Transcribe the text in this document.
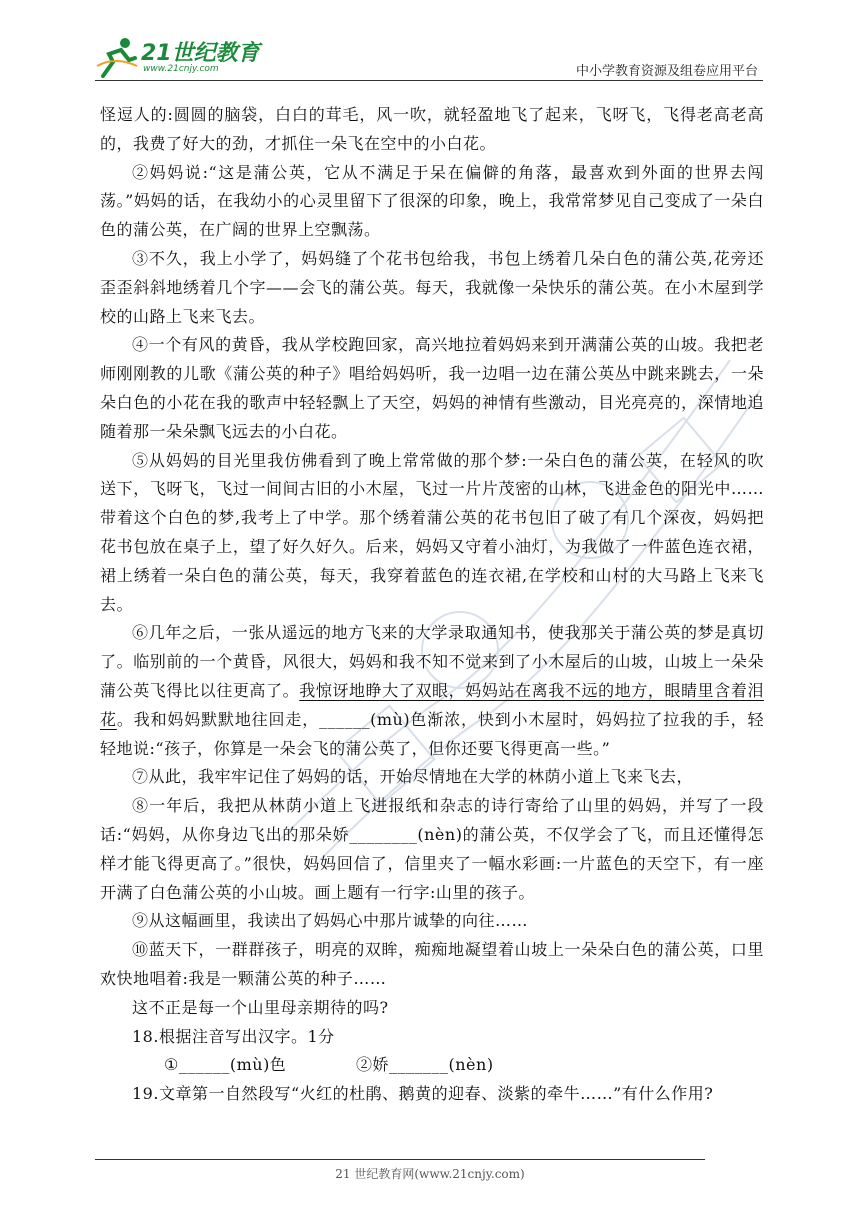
21世纪教育
www.21cnjy.com	中小学教育资源及组卷应用平台

怪逗人的:圆圆的脑袋，白白的茸毛，风一吹，就轻盈地飞了起来，飞呀飞，飞得老高老高的，我费了好大的劲，才抓住一朵飞在空中的小白花。

②妈妈说:“这是蒲公英，它从不满足于呆在偏僻的角落，最喜欢到外面的世界去闯荡。”妈妈的话，在我幼小的心灵里留下了很深的印象，晚上，我常常梦见自己变成了一朵白色的蒲公英，在广阔的世界上空飘荡。

③不久，我上小学了，妈妈缝了个花书包给我，书包上绣着几朵白色的蒲公英,花旁还歪歪斜斜地绣着几个字——会飞的蒲公英。每天，我就像一朵快乐的蒲公英。在小木屋到学校的山路上飞来飞去。

④一个有风的黄昏，我从学校跑回家，高兴地拉着妈妈来到开满蒲公英的山坡。我把老师刚刚教的儿歌《蒲公英的种子》唱给妈妈听，我一边唱一边在蒲公英丛中跳来跳去，一朵朵白色的小花在我的歌声中轻轻飘上了天空，妈妈的神情有些激动，目光亮亮的，深情地追随着那一朵朵飘飞远去的小白花。

⑤从妈妈的目光里我仿佛看到了晚上常常做的那个梦:一朵白色的蒲公英，在轻风的吹送下，飞呀飞，飞过一间间古旧的小木屋，飞过一片片茂密的山林，飞进金色的阳光中……带着这个白色的梦,我考上了中学。那个绣着蒲公英的花书包旧了破了有几个深夜，妈妈把花书包放在桌子上，望了好久好久。后来，妈妈又守着小油灯，为我做了一件蓝色连衣裙，裙上绣着一朵白色的蒲公英，每天，我穿着蓝色的连衣裙,在学校和山村的大马路上飞来飞去。

⑥几年之后，一张从遥远的地方飞来的大学录取通知书，使我那关于蒲公英的梦是真切了。临别前的一个黄昏，风很大，妈妈和我不知不觉来到了小木屋后的山坡，山坡上一朵朵蒲公英飞得比以往更高了。我惊讶地睁大了双眼，妈妈站在离我不远的地方，眼睛里含着泪花。我和妈妈默默地往回走，______(mù)色渐浓，快到小木屋时，妈妈拉了拉我的手，轻轻地说:“孩子，你算是一朵会飞的蒲公英了，但你还要飞得更高一些。”

⑦从此，我牢牢记住了妈妈的话，开始尽情地在大学的林荫小道上飞来飞去，

⑧一年后，我把从林荫小道上飞进报纸和杂志的诗行寄给了山里的妈妈，并写了一段话:“妈妈，从你身边飞出的那朵娇________(nèn)的蒲公英，不仅学会了飞，而且还懂得怎样才能飞得更高了。”很快，妈妈回信了，信里夹了一幅水彩画:一片蓝色的天空下，有一座开满了白色蒲公英的小山坡。画上题有一行字:山里的孩子。

⑨从这幅画里，我读出了妈妈心中那片诚挚的向往……

⑩蓝天下，一群群孩子，明亮的双眸，痴痴地凝望着山坡上一朵朵白色的蒲公英，口里欢快地唱着:我是一颗蒲公英的种子……

这不正是每一个山里母亲期待的吗?

18.根据注音写出汉字。1分

①______(mù)色	②娇_______(nèn)

19.文章第一自然段写“火红的杜鹃、鹅黄的迎春、淡紫的牵牛……”有什么作用?

21 世纪教育网(www.21cnjy.com)
